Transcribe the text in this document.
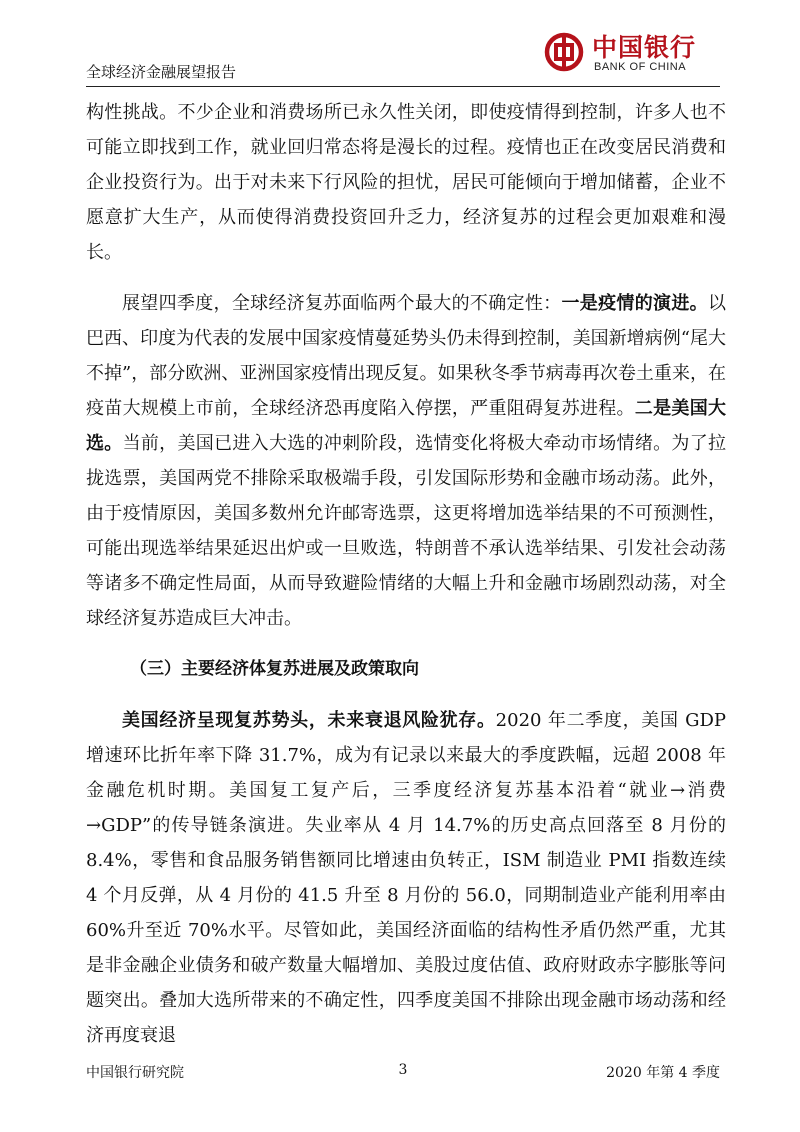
全球经济金融展望报告
中国银行
BANK OF CHINA

构性挑战。不少企业和消费场所已永久性关闭，即使疫情得到控制，许多人也不可能立即找到工作，就业回归常态将是漫长的过程。疫情也正在改变居民消费和企业投资行为。出于对未来下行风险的担忧，居民可能倾向于增加储蓄，企业不愿意扩大生产，从而使得消费投资回升乏力，经济复苏的过程会更加艰难和漫长。

展望四季度，全球经济复苏面临两个最大的不确定性：一是疫情的演进。以巴西、印度为代表的发展中国家疫情蔓延势头仍未得到控制，美国新增病例“尾大不掉”，部分欧洲、亚洲国家疫情出现反复。如果秋冬季节病毒再次卷土重来，在疫苗大规模上市前，全球经济恐再度陷入停摆，严重阻碍复苏进程。二是美国大选。当前，美国已进入大选的冲刺阶段，选情变化将极大牵动市场情绪。为了拉拢选票，美国两党不排除采取极端手段，引发国际形势和金融市场动荡。此外，由于疫情原因，美国多数州允许邮寄选票，这更将增加选举结果的不可预测性，可能出现选举结果延迟出炉或一旦败选，特朗普不承认选举结果、引发社会动荡等诸多不确定性局面，从而导致避险情绪的大幅上升和金融市场剧烈动荡，对全球经济复苏造成巨大冲击。

（三）主要经济体复苏进展及政策取向

美国经济呈现复苏势头，未来衰退风险犹存。2020 年二季度，美国 GDP 增速环比折年率下降 31.7%，成为有记录以来最大的季度跌幅，远超 2008 年金融危机时期。美国复工复产后，三季度经济复苏基本沿着“就业→消费→GDP”的传导链条演进。失业率从 4 月 14.7%的历史高点回落至 8 月份的 8.4%，零售和食品服务销售额同比增速由负转正，ISM 制造业 PMI 指数连续 4 个月反弹，从 4 月份的 41.5 升至 8 月份的 56.0，同期制造业产能利用率由 60%升至近 70%水平。尽管如此，美国经济面临的结构性矛盾仍然严重，尤其是非金融企业债务和破产数量大幅增加、美股过度估值、政府财政赤字膨胀等问题突出。叠加大选所带来的不确定性，四季度美国不排除出现金融市场动荡和经济再度衰退

中国银行研究院	3	2020 年第 4 季度
